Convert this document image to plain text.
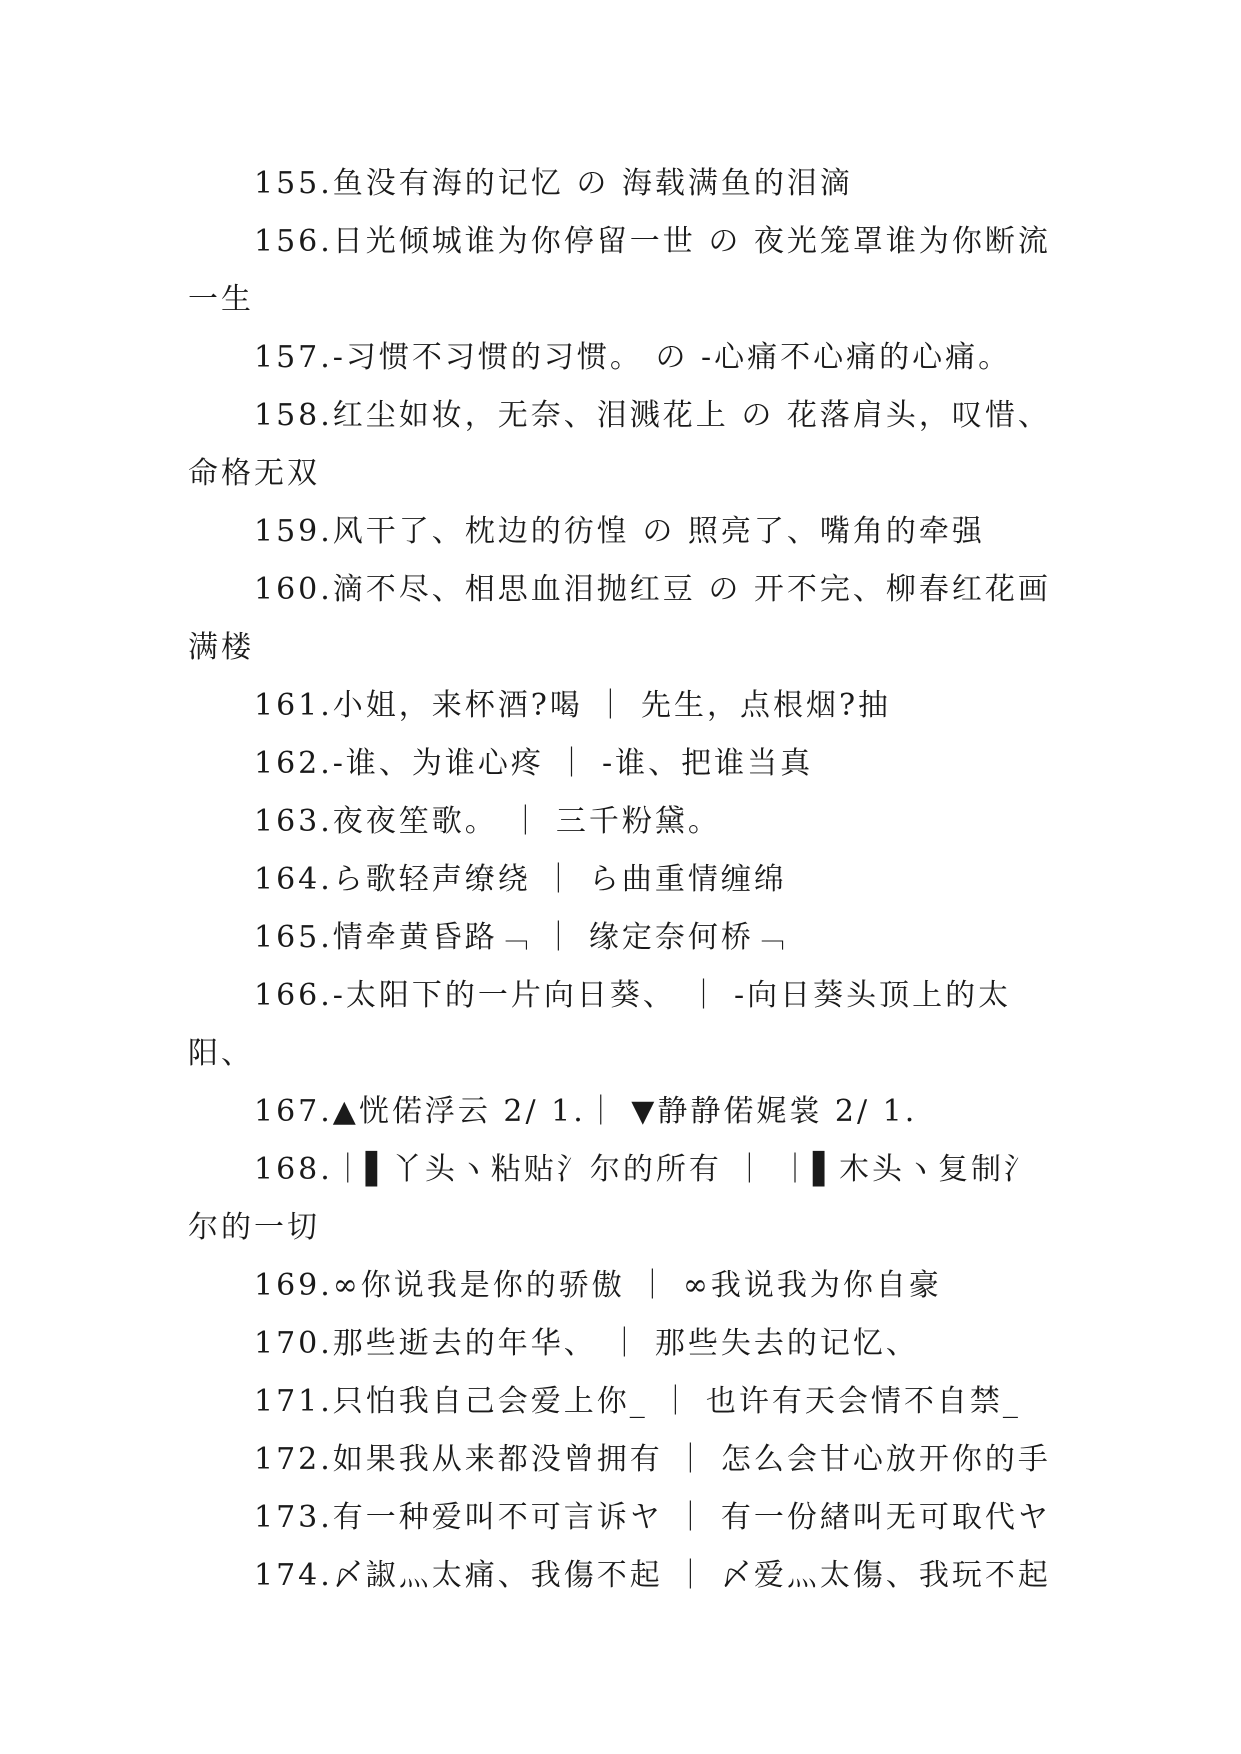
155.鱼没有海的记忆 の 海载满鱼的泪滴

156.日光倾城谁为你停留一世 の 夜光笼罩谁为你断流一生

157.-习惯不习惯的习惯。 の -心痛不心痛的心痛。

158.红尘如妆，无奈、泪溅花上 の 花落肩头，叹惜、命格无双

159.风干了、枕边的彷惶 の 照亮了、嘴角的牵强

160.滴不尽、相思血泪抛红豆 の 开不完、柳春红花画满楼

161.小姐，来杯酒?喝 ｜ 先生，点根烟?抽

162.-谁、为谁心疼 ｜ -谁、把谁当真

163.夜夜笙歌。 ｜ 三千粉黛。

164.ら歌轻声缭绕 ｜ ら曲重情缠绵

165.情牵黄昏路﹁ ｜ 缘定奈何桥﹁

166.-太阳下的一片向日葵、 ｜ -向日葵头顶上的太阳、

167.▲恍偌浮云 2/ 1.｜ ▼静静偌娓裳 2/ 1.

168.｜▌丫头ヽ粘贴氵尔的所有 ｜ ｜▌木头ヽ复制氵尔的一切

169.∞你说我是你的骄傲 ｜ ∞我说我为你自豪

170.那些逝去的年华、 ｜ 那些失去的记忆、

171.只怕我自己会爱上你_ ｜ 也许有天会情不自禁_

172.如果我从来都没曾拥有 ｜ 怎么会甘心放开你的手

173.有一种爱叫不可言诉ヤ ｜ 有一份緖叫无可取代ヤ

174.〆諔灬太痛、我傷不起 ｜ 〆爱灬太傷、我玩不起
